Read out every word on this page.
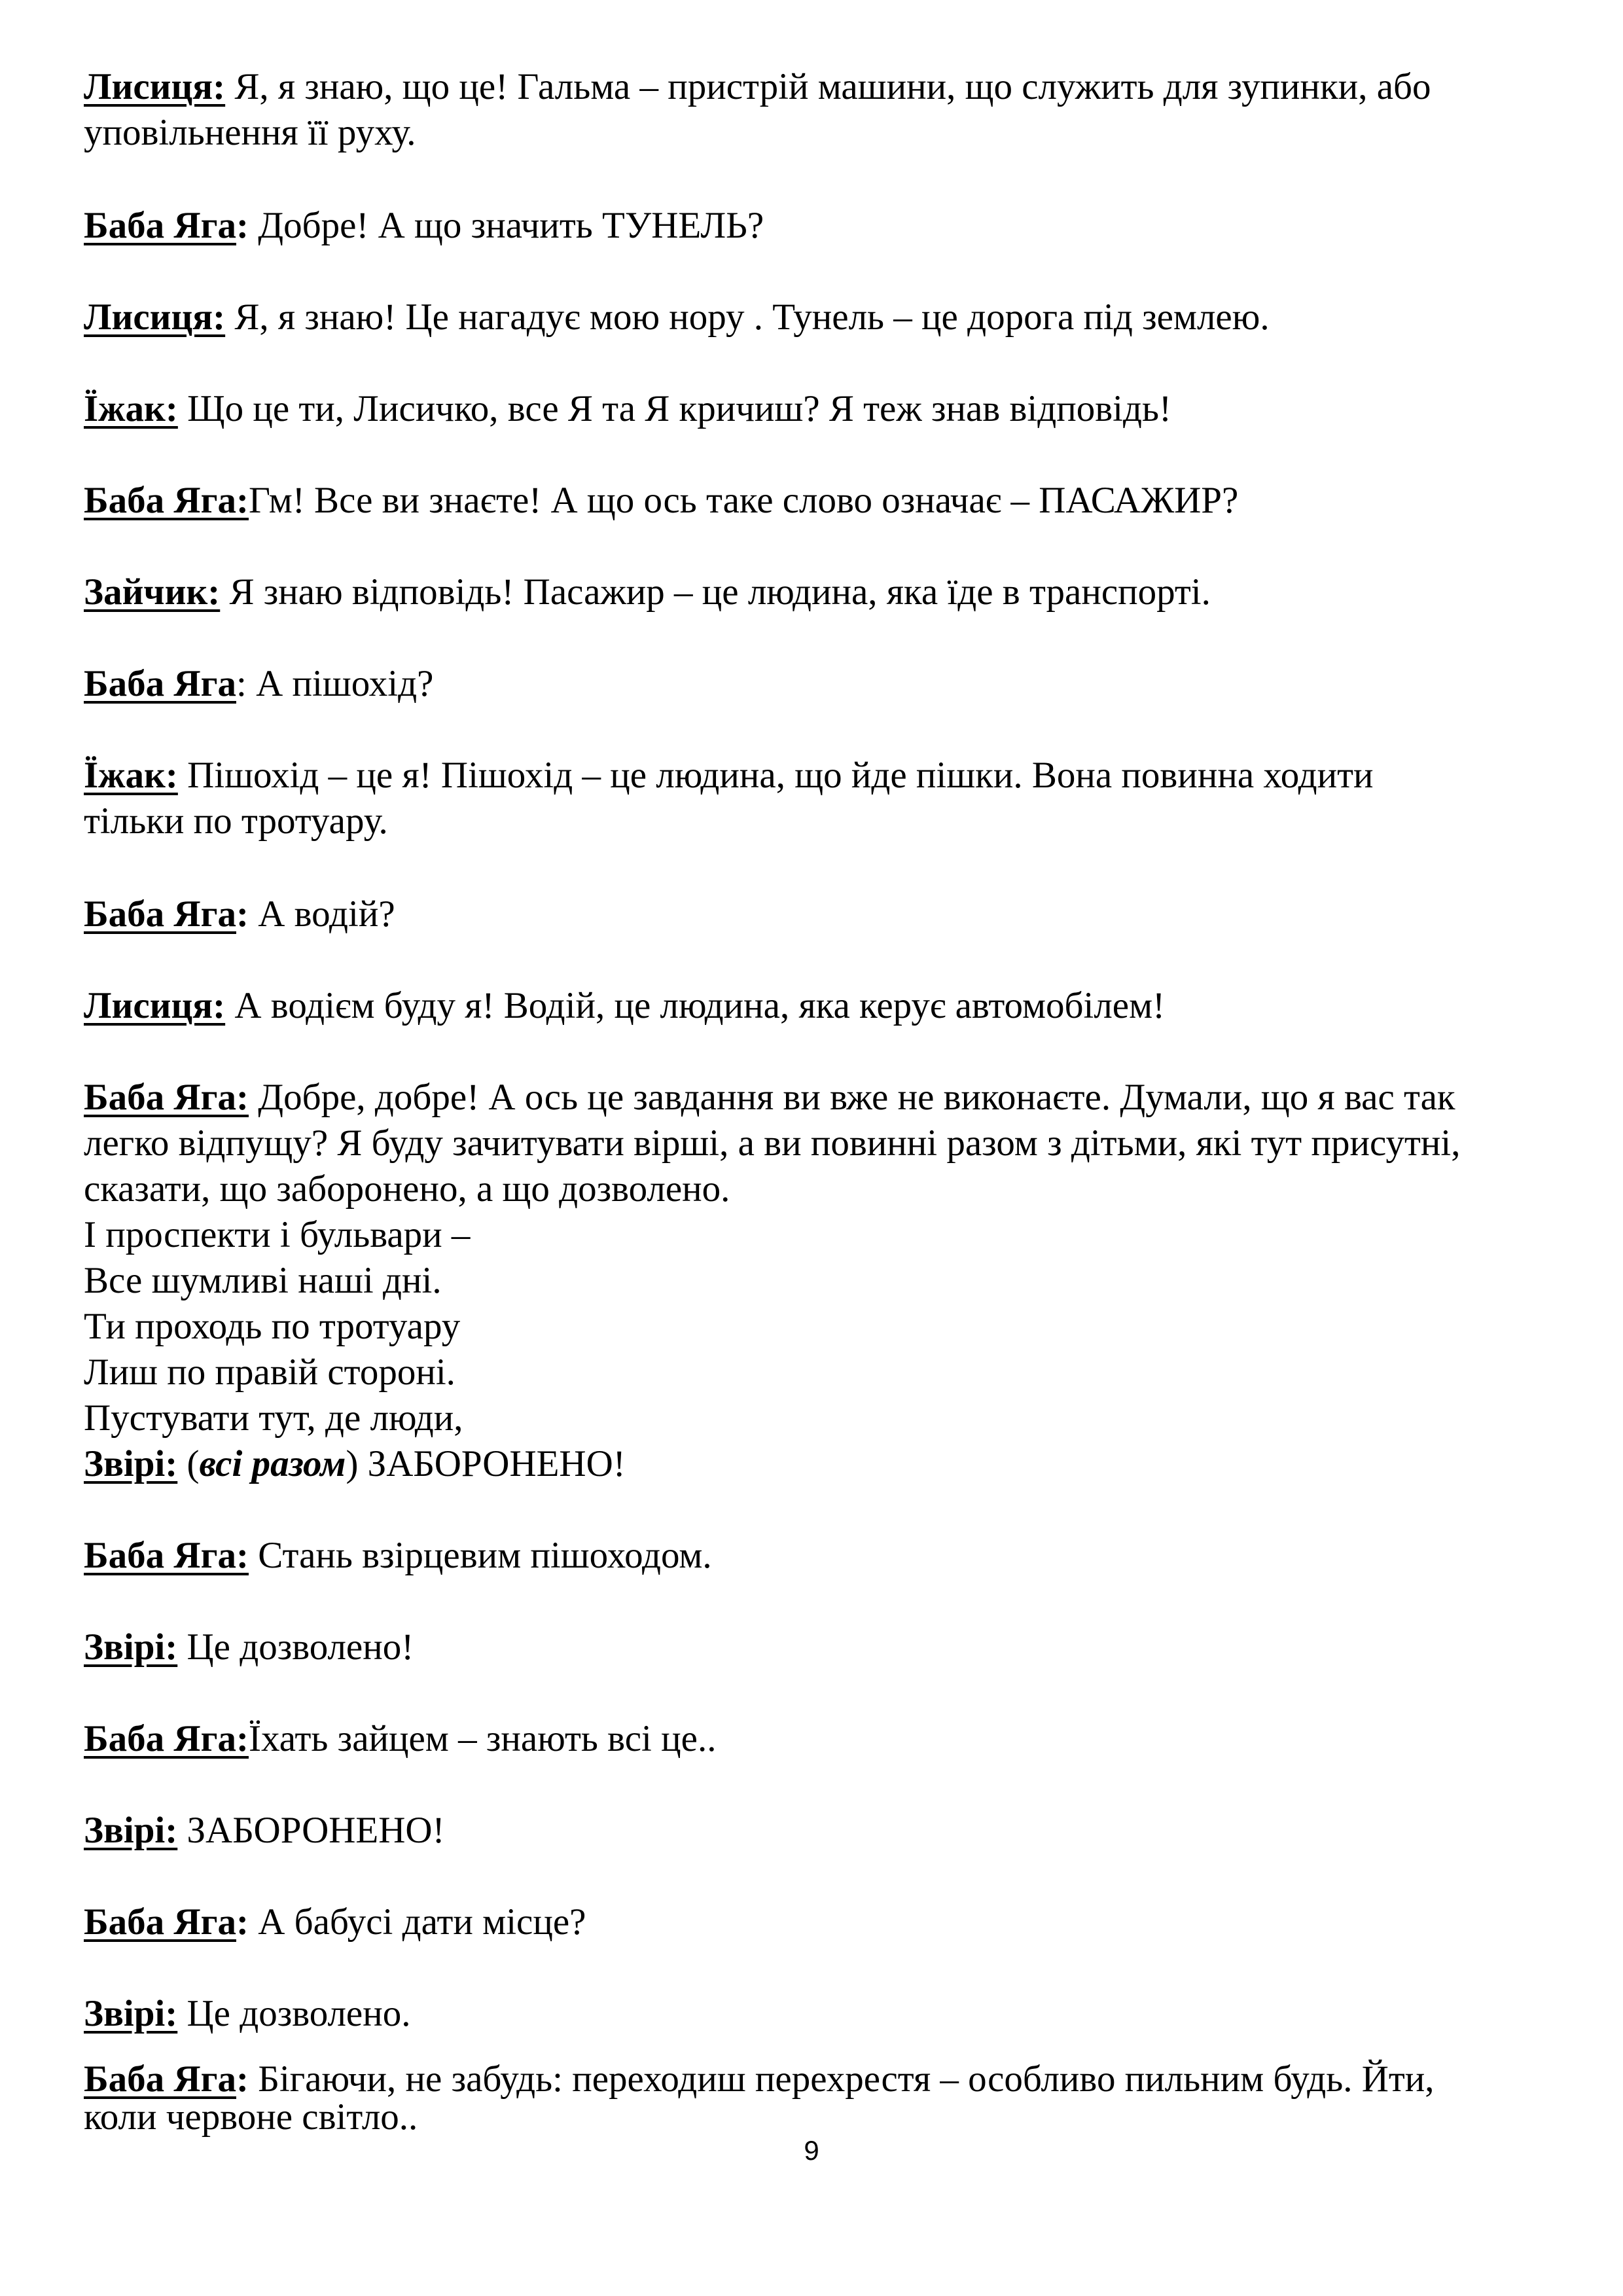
Лисиця: Я, я знаю, що це! Гальма – пристрій машини, що служить для зупинки, або
уповільнення її руху.
Баба Яга: Добре! А що значить ТУНЕЛЬ?
Лисиця: Я, я знаю! Це нагадує мою нору . Тунель – це дорога під землею.
Їжак: Що це ти, Лисичко, все Я та Я кричиш? Я теж знав відповідь!
Баба Яга:Гм! Все ви знаєте! А що ось таке слово означає – ПАСАЖИР?
Зайчик: Я знаю відповідь! Пасажир – це людина, яка їде в транспорті.
Баба Яга: А пішохід?
Їжак: Пішохід – це я! Пішохід – це людина, що йде пішки. Вона повинна ходити
тільки по тротуару.
Баба Яга: А водій?
Лисиця: А водієм буду я! Водій, це людина, яка керує автомобілем!
Баба Яга: Добре, добре! А ось це завдання ви вже не виконаєте. Думали, що я вас так
легко відпущу? Я буду зачитувати вірші, а ви повинні разом з дітьми, які тут присутні,
сказати, що заборонено, а що дозволено.
І проспекти і бульвари –
Все шумливі наші дні.
Ти проходь по тротуару
Лиш по правій стороні.
Пустувати тут, де люди,
Звірі: (всі разом) ЗАБОРОНЕНО!
Баба Яга: Стань взірцевим пішоходом.
Звірі: Це дозволено!
Баба Яга:Їхать зайцем – знають всі це..
Звірі: ЗАБОРОНЕНО!
Баба Яга: А бабусі дати місце?
Звірі: Це дозволено.
Баба Яга: Бігаючи, не забудь: переходиш перехрестя – особливо пильним будь. Йти,
коли червоне світло..
9
